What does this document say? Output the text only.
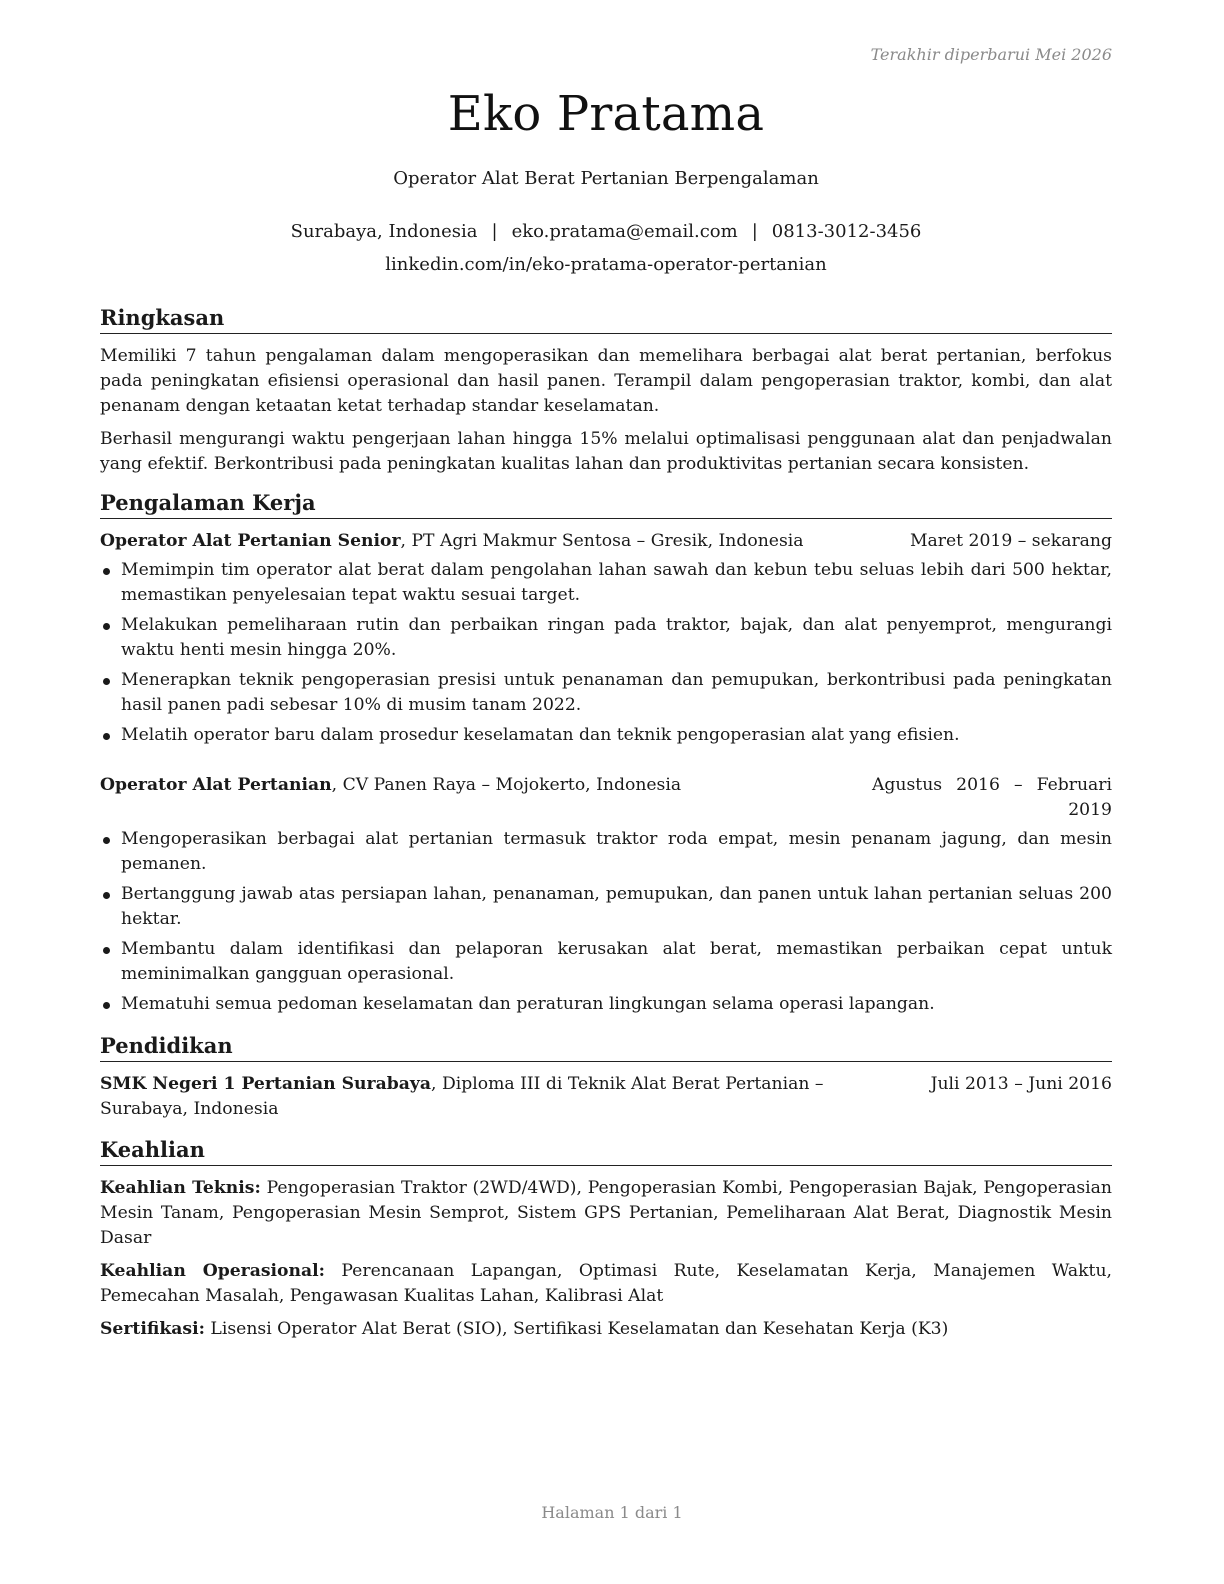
Terakhir diperbarui Mei 2026
Eko Pratama
Operator Alat Berat Pertanian Berpengalaman
Surabaya, Indonesia | eko.pratama@email.com | 0813-3012-3456
linkedin.com/in/eko-pratama-operator-pertanian
Ringkasan

Memiliki 7 tahun pengalaman dalam mengoperasikan dan memelihara berbagai alat berat pertanian, berfokus pada peningkatan efisiensi operasional dan hasil panen. Terampil dalam pengoperasian traktor, kombi, dan alat penanam dengan ketaatan ketat terhadap standar keselamatan.

Berhasil mengurangi waktu pengerjaan lahan hingga 15% melalui optimalisasi penggunaan alat dan penjadwalan yang efektif. Berkontribusi pada peningkatan kualitas lahan dan produktivitas pertanian secara konsisten.

Pengalaman Kerja
Operator Alat Pertanian Senior, PT Agri Makmur Sentosa – Gresik, Indonesia	Maret 2019 – sekarang
Memimpin tim operator alat berat dalam pengolahan lahan sawah dan kebun tebu seluas lebih dari 500 hektar, memastikan penyelesaian tepat waktu sesuai target.
Melakukan pemeliharaan rutin dan perbaikan ringan pada traktor, bajak, dan alat penyemprot, mengurangi waktu henti mesin hingga 20%.
Menerapkan teknik pengoperasian presisi untuk penanaman dan pemupukan, berkontribusi pada peningkatan hasil panen padi sebesar 10% di musim tanam 2022.
Melatih operator baru dalam prosedur keselamatan dan teknik pengoperasian alat yang efisien.
Operator Alat Pertanian, CV Panen Raya – Mojokerto, Indonesia	Agustus 2016 – Februari 2019
Mengoperasikan berbagai alat pertanian termasuk traktor roda empat, mesin penanam jagung, dan mesin pemanen.
Bertanggung jawab atas persiapan lahan, penanaman, pemupukan, dan panen untuk lahan pertanian seluas 200 hektar.
Membantu dalam identifikasi dan pelaporan kerusakan alat berat, memastikan perbaikan cepat untuk meminimalkan gangguan operasional.
Mematuhi semua pedoman keselamatan dan peraturan lingkungan selama operasi lapangan.
Pendidikan
SMK Negeri 1 Pertanian Surabaya, Diploma III di Teknik Alat Berat Pertanian – Surabaya, Indonesia
Juli 2013 – Juni 2016
Keahlian

Keahlian Teknis: Pengoperasian Traktor (2WD/4WD), Pengoperasian Kombi, Pengoperasian Bajak, Pengoperasian Mesin Tanam, Pengoperasian Mesin Semprot, Sistem GPS Pertanian, Pemeliharaan Alat Berat, Diagnostik Mesin Dasar

Keahlian Operasional: Perencanaan Lapangan, Optimasi Rute, Keselamatan Kerja, Manajemen Waktu, Pemecahan Masalah, Pengawasan Kualitas Lahan, Kalibrasi Alat

Sertifikasi: Lisensi Operator Alat Berat (SIO), Sertifikasi Keselamatan dan Kesehatan Kerja (K3)

Halaman 1 dari 1
